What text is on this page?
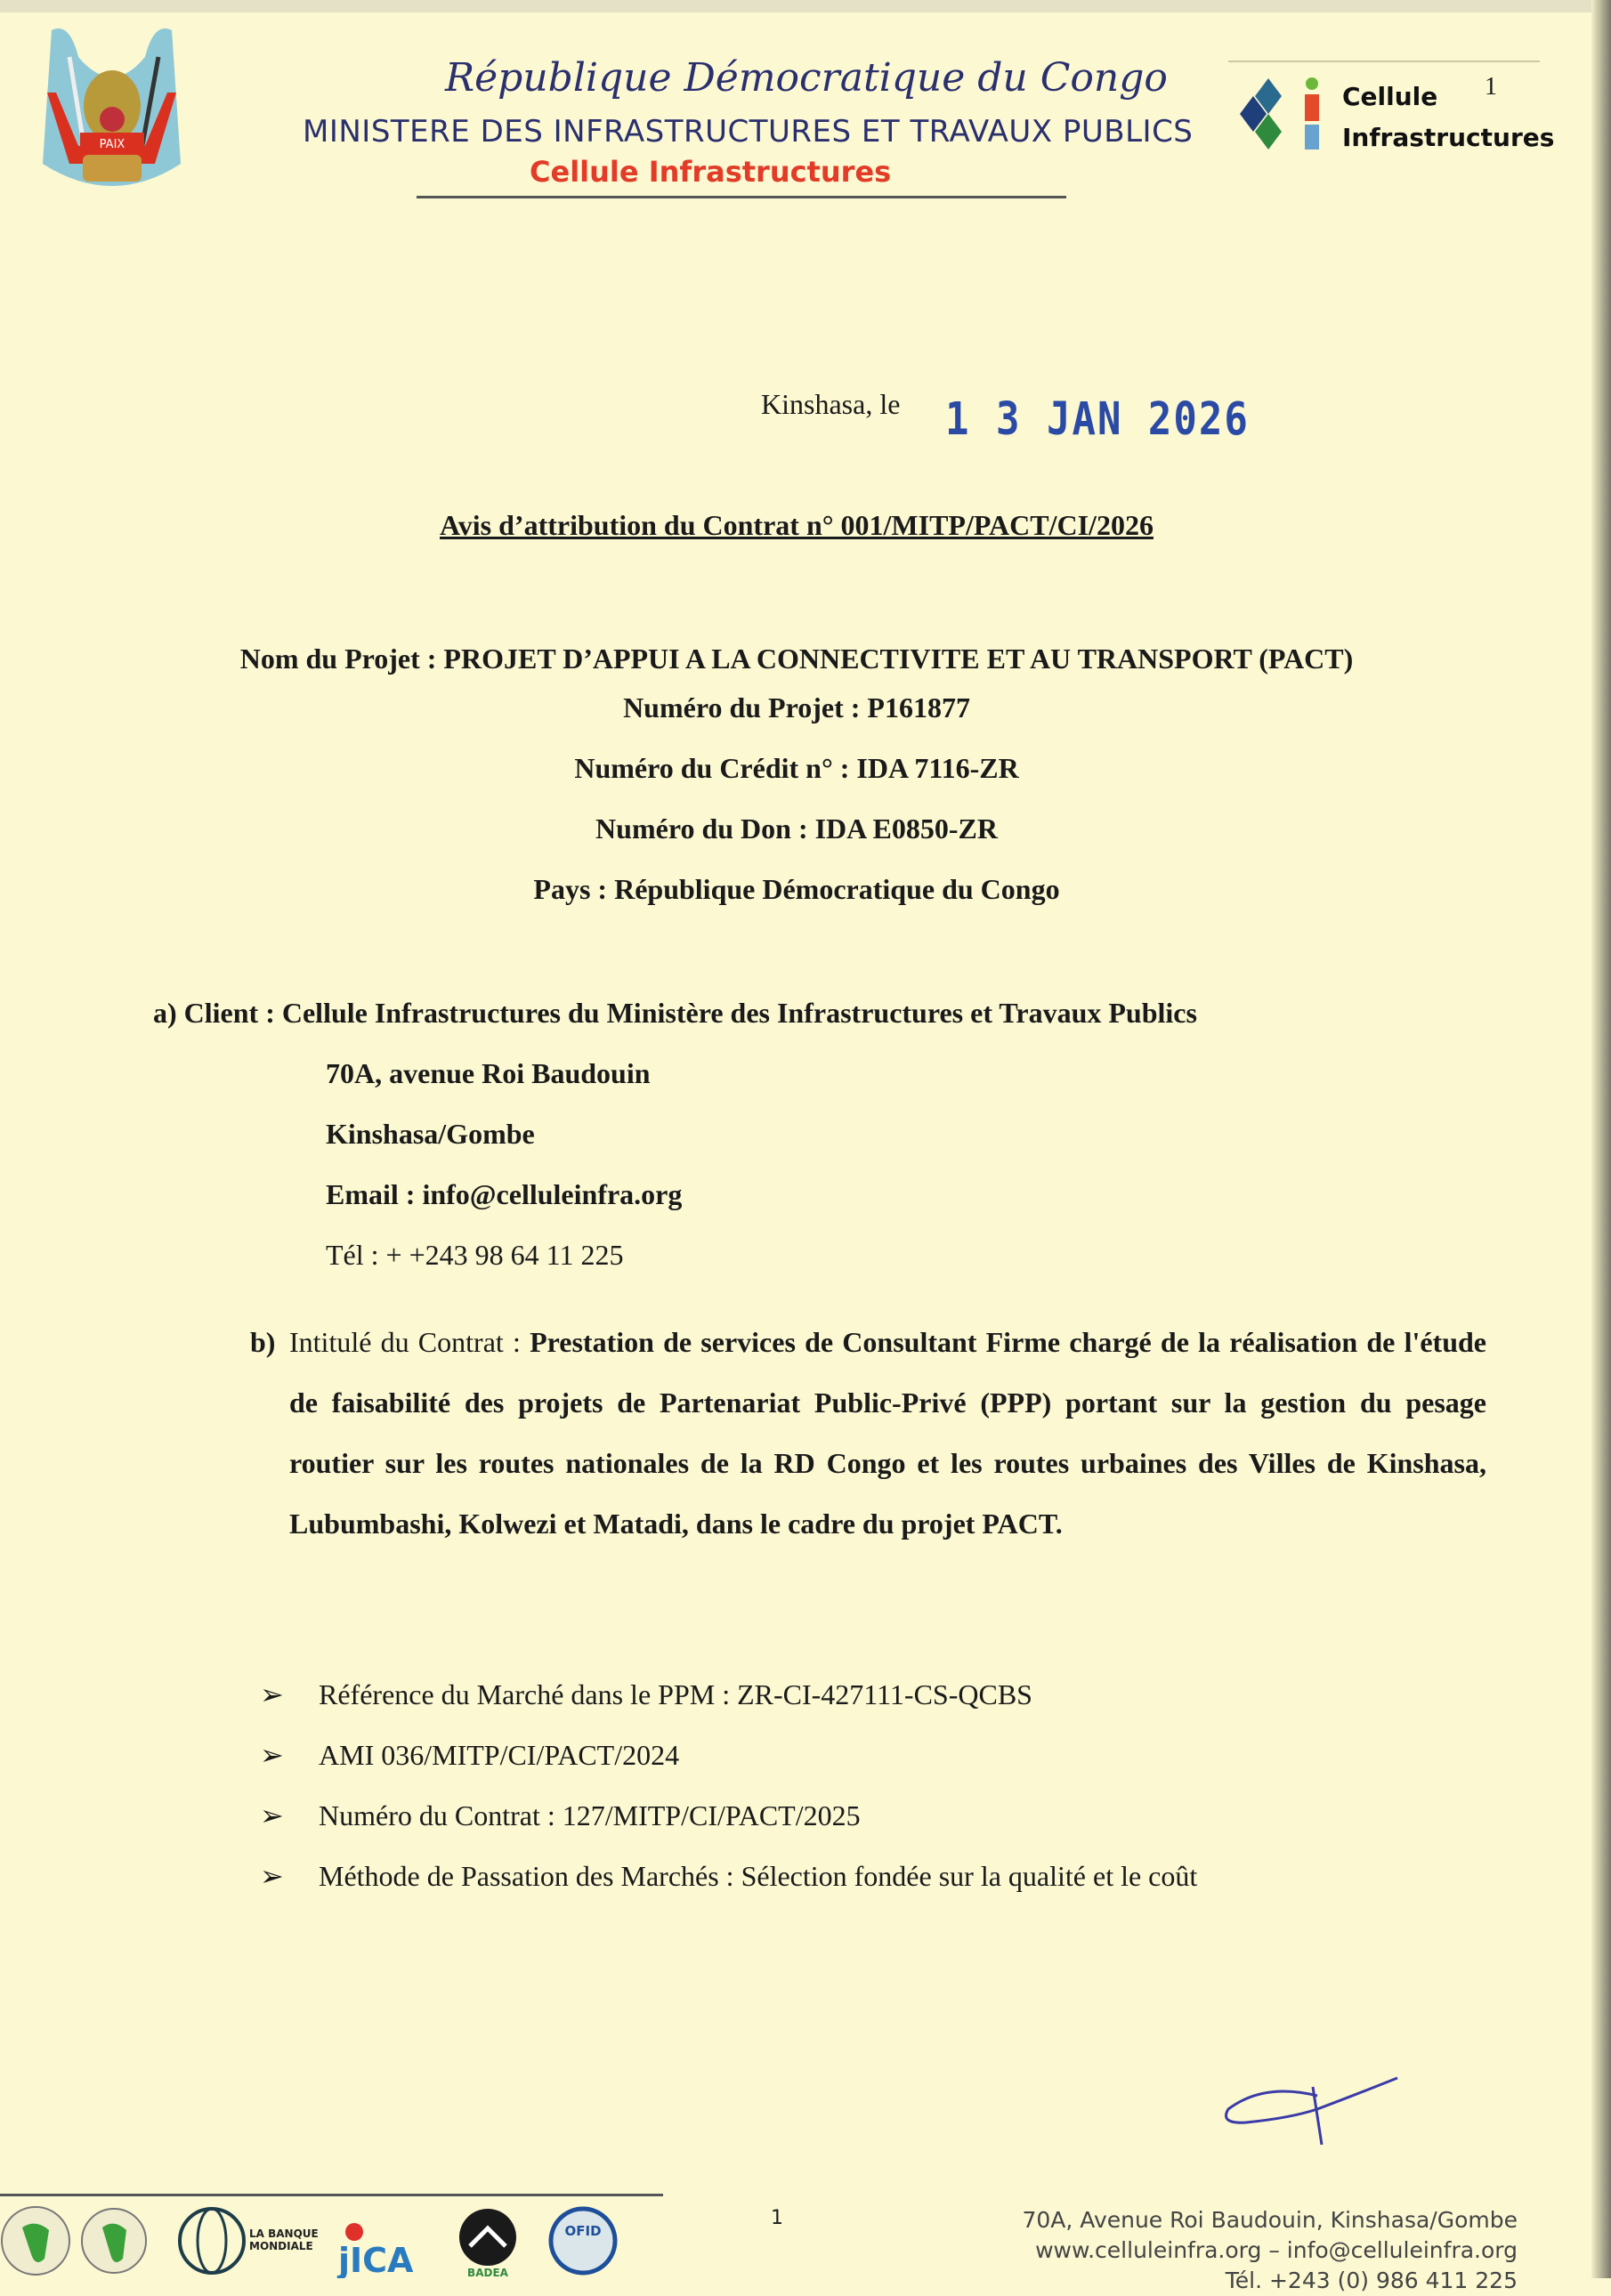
PAIX
République Démocratique du Congo
MINISTERE DES INFRASTRUCTURES ET TRAVAUX PUBLICS
Cellule Infrastructures
Cellule
Infrastructures
1
Kinshasa, le 1 3 JAN 2026
Avis d’attribution du Contrat n° 001/MITP/PACT/CI/2026
Nom du Projet : PROJET D’APPUI A LA CONNECTIVITE ET AU TRANSPORT (PACT)
Numéro du Projet : P161877
Numéro du Crédit n° : IDA 7116-ZR
Numéro du Don : IDA E0850-ZR
Pays : République Démocratique du Congo
a) Client : Cellule Infrastructures du Ministère des Infrastructures et Travaux Publics
70A, avenue Roi Baudouin
Kinshasa/Gombe
Email : info@celluleinfra.org
Tél : + +243 98 64 11 225
b) Intitulé du Contrat : Prestation de services de Consultant Firme chargé de la réalisation de l'étude de faisabilité des projets de Partenariat Public-Privé (PPP) portant sur la gestion du pesage routier sur les routes nationales de la RD Congo et les routes urbaines des Villes de Kinshasa, Lubumbashi, Kolwezi et Matadi, dans le cadre du projet PACT.
➢ Référence du Marché dans le PPM : ZR-CI-427111-CS-QCBS
➢ AMI 036/MITP/CI/PACT/2024
➢ Numéro du Contrat : 127/MITP/CI/PACT/2025
➢ Méthode de Passation des Marchés : Sélection fondée sur la qualité et le coût
LA BANQUE
MONDIALE jICA	BADEA
OFID
1	70A, Avenue Roi Baudouin, Kinshasa/Gombe
www.celluleinfra.org – info@celluleinfra.org
Tél. +243 (0) 986 411 225
